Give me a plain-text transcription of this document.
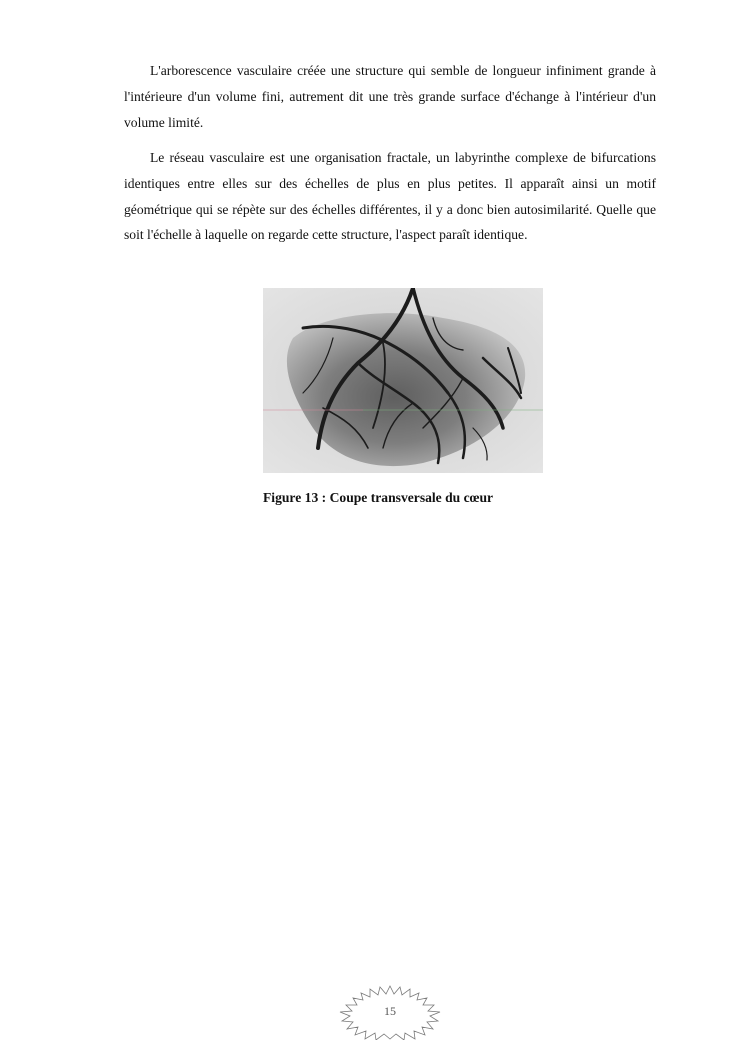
L'arborescence vasculaire créée une structure qui semble de longueur infiniment grande à l'intérieure d'un volume fini, autrement dit une très grande surface d'échange à l'intérieur d'un volume limité.

Le réseau vasculaire est une organisation fractale, un labyrinthe complexe de bifurcations identiques entre elles sur des échelles de plus en plus petites. Il apparaît ainsi un motif géométrique qui se répète sur des échelles différentes, il y a donc bien autosimilarité. Quelle que soit l'échelle à laquelle on regarde cette structure, l'aspect paraît identique.

Figure 13 : Coupe transversale du cœur
15
